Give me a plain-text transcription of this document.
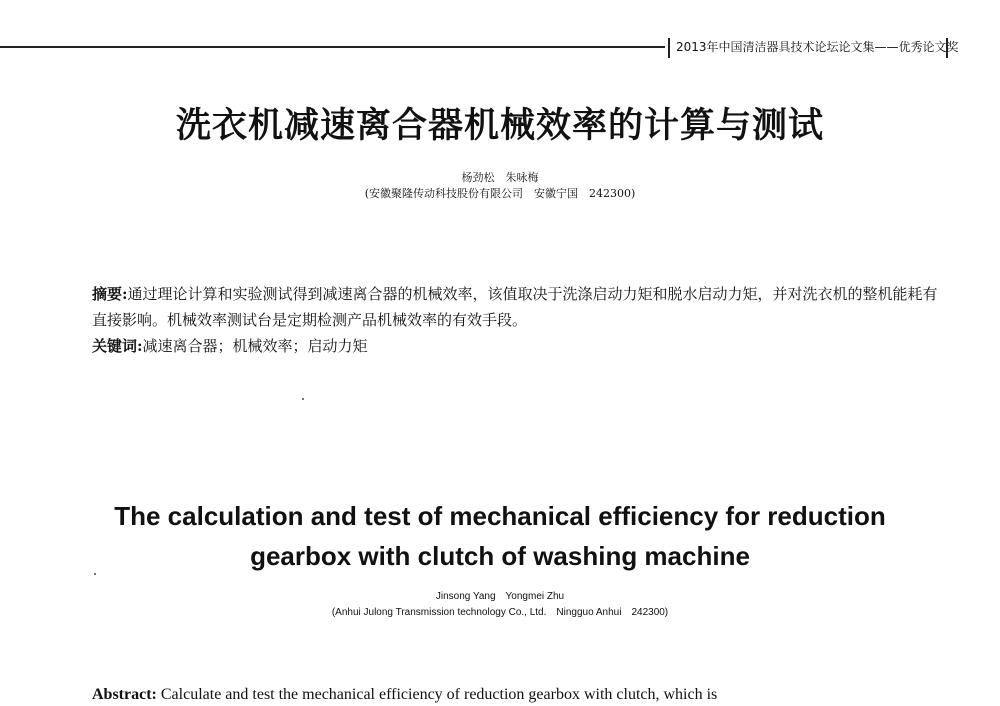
2013年中国清洁器具技术论坛论文集——优秀论文奖
洗衣机减速离合器机械效率的计算与测试
杨劲松　朱咏梅
(安徽聚隆传动科技股份有限公司　安徽宁国　242300)

摘要:通过理论计算和实验测试得到减速离合器的机械效率，该值取决于洗涤启动力矩和脱水启动力矩，并对洗衣机的整机能耗有直接影响。机械效率测试台是定期检测产品机械效率的有效手段。

关键词:减速离合器；机械效率；启动力矩

The calculation and test of mechanical efficiency for reduction
gearbox with clutch of washing machine
Jinsong Yang　Yongmei Zhu
(Anhui Julong Transmission technology Co., Ltd.　Ningguo Anhui　242300)
Abstract: Calculate and test the mechanical efficiency of reduction gearbox with clutch, which is
